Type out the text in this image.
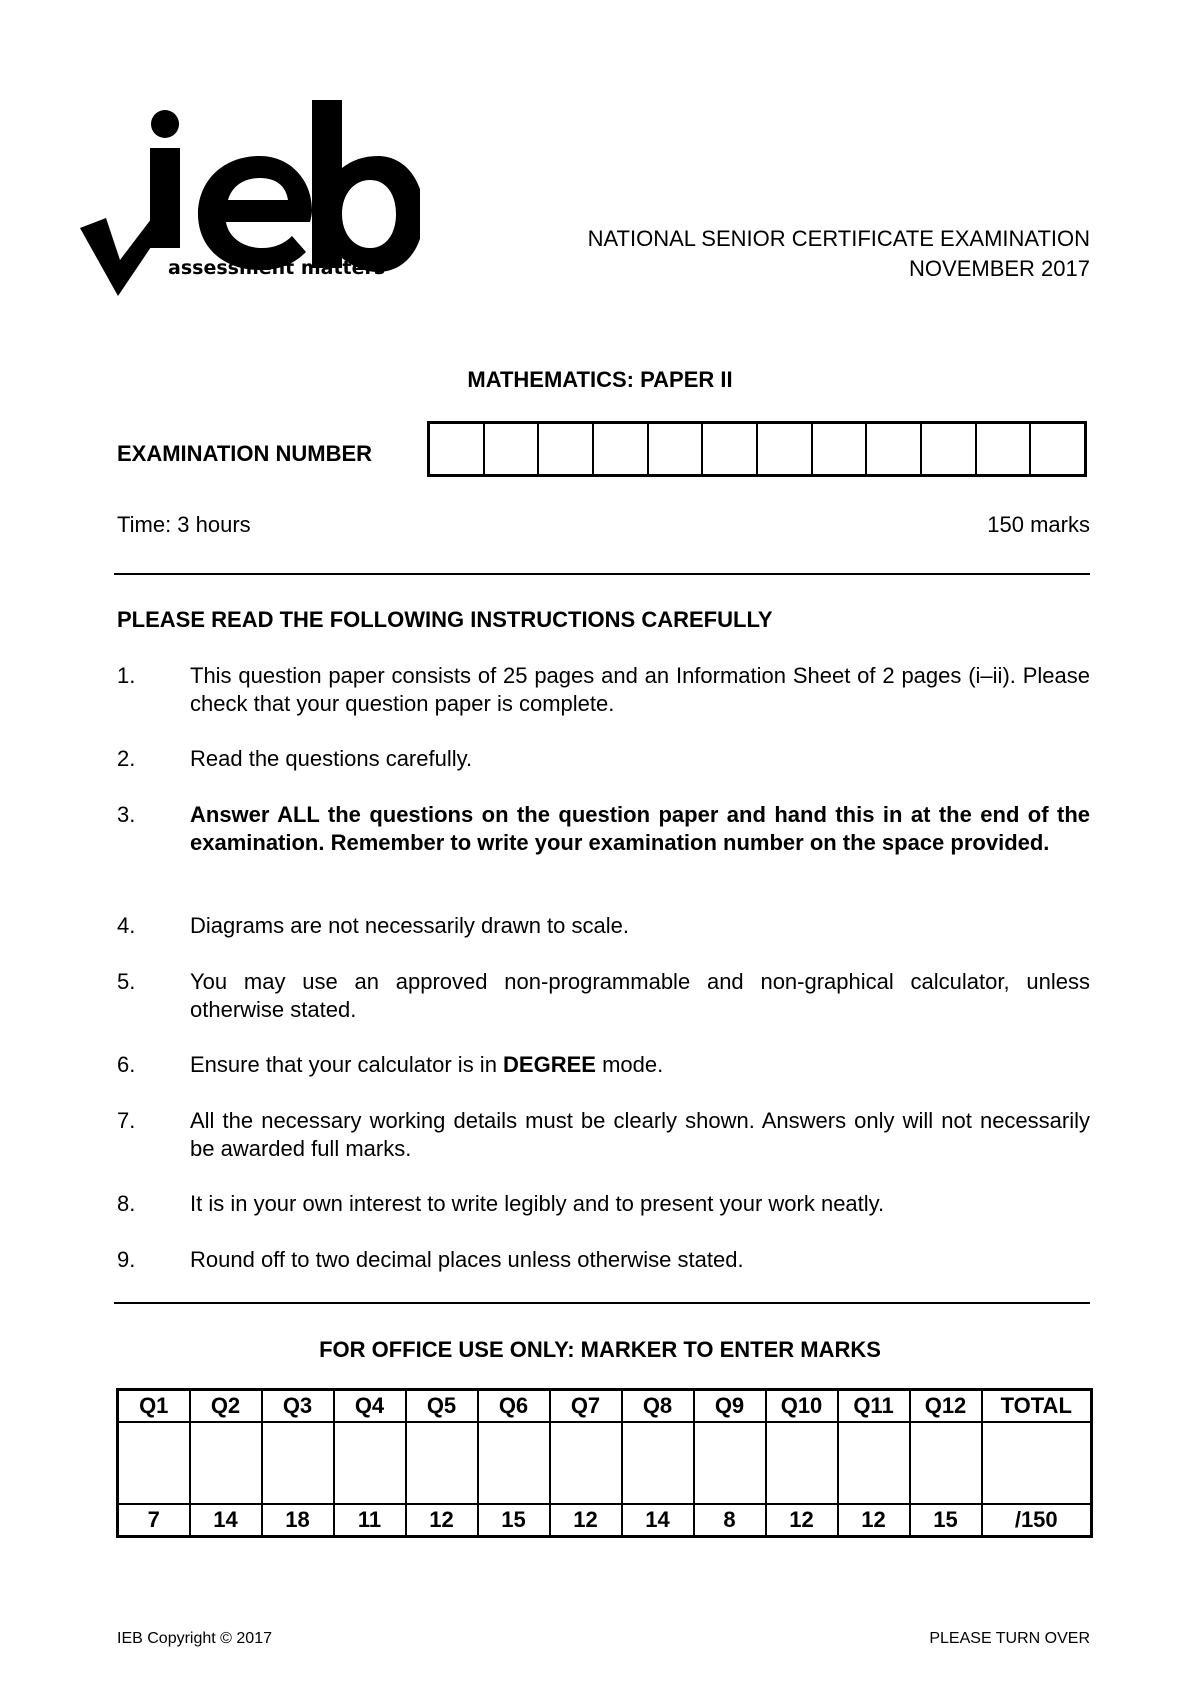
assessment matters
NATIONAL SENIOR CERTIFICATE EXAMINATION
NOVEMBER 2017
MATHEMATICS: PAPER II
EXAMINATION NUMBER
Time: 3 hours	150 marks
PLEASE READ THE FOLLOWING INSTRUCTIONS CAREFULLY
1.	This question paper consists of 25 pages and an Information Sheet of 2 pages (i–ii). Please check that your question paper is complete.
2.	Read the questions carefully.
3.	Answer ALL the questions on the question paper and hand this in at the end of the examination. Remember to write your examination number on the space provided.
4.	Diagrams are not necessarily drawn to scale.
5.	You may use an approved non-programmable and non-graphical calculator, unless otherwise stated.
6.	Ensure that your calculator is in DEGREE mode.
7.	All the necessary working details must be clearly shown. Answers only will not necessarily be awarded full marks.
8.	It is in your own interest to write legibly and to present your work neatly.
9.	Round off to two decimal places unless otherwise stated.
FOR OFFICE USE ONLY: MARKER TO ENTER MARKS
Q1	Q2	Q3	Q4	Q5	Q6	Q7	Q8	Q9	Q10	Q11	Q12	TOTAL

7	14	18	11	12	15	12	14	8	12	12	15	/150
IEB Copyright © 2017	PLEASE TURN OVER
